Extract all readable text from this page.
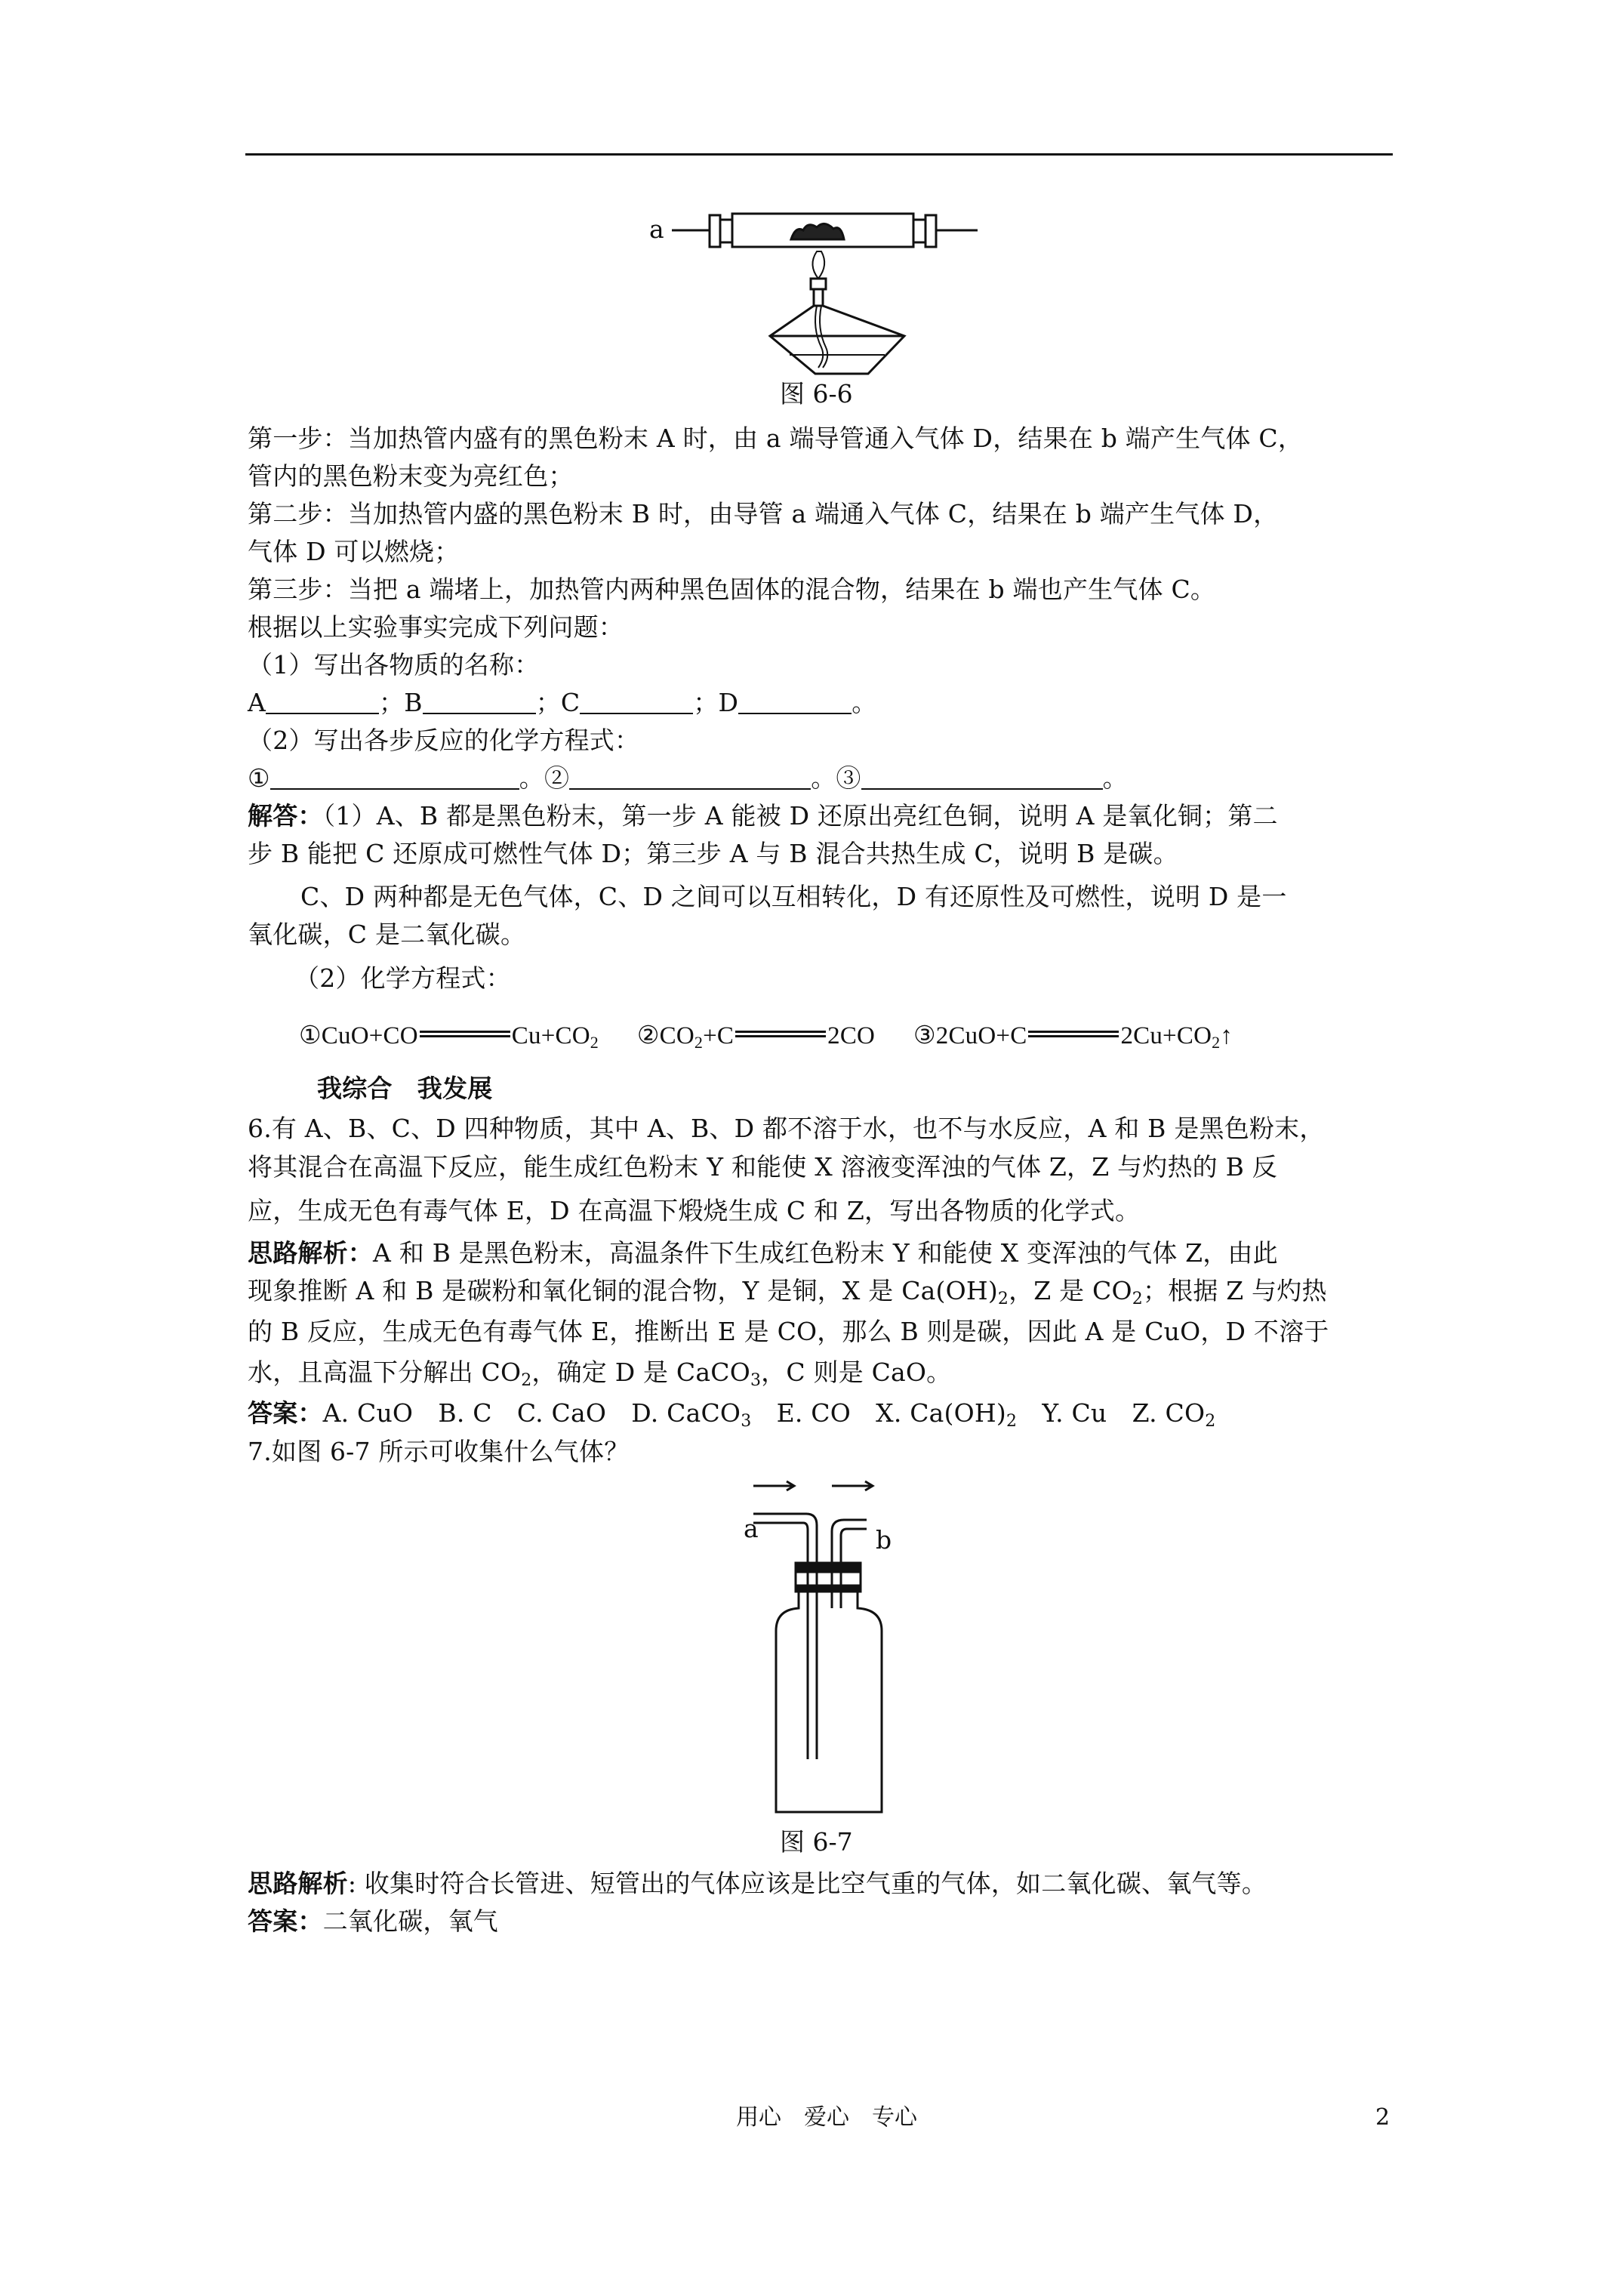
a
图 6-6
第一步：当加热管内盛有的黑色粉末 A 时，由 a 端导管通入气体 D，结果在 b 端产生气体 C，
管内的黑色粉末变为亮红色；
第二步：当加热管内盛的黑色粉末 B 时，由导管 a 端通入气体 C，结果在 b 端产生气体 D，
气体 D 可以燃烧；
第三步：当把 a 端堵上，加热管内两种黑色固体的混合物，结果在 b 端也产生气体 C。
根据以上实验事实完成下列问题：
（1）写出各物质的名称：
A	；B	；C	；D	。
（2）写出各步反应的化学方程式：
①	。②	。③	。
解答：（1）A、B 都是黑色粉末，第一步 A 能被 D 还原出亮红色铜，说明 A 是氧化铜；第二
步 B 能把 C 还原成可燃性气体 D；第三步 A 与 B 混合共热生成 C，说明 B 是碳。
C、D 两种都是无色气体，C、D 之间可以互相转化，D 有还原性及可燃性，说明 D 是一
氧化碳，C 是二氧化碳。
（2）化学方程式：
①CuO+CO	$Cu+CO_2$ $②CO_2+C$	2CO ③2CuO+C	$2Cu+CO_2↑$
我综合　我发展
6.有 A、B、C、D 四种物质，其中 A、B、D 都不溶于水，也不与水反应，A 和 B 是黑色粉末，
将其混合在高温下反应，能生成红色粉末 Y 和能使 X 溶液变浑浊的气体 Z，Z 与灼热的 B 反
应，生成无色有毒气体 E，D 在高温下煅烧生成 C 和 Z，写出各物质的化学式。
思路解析：A 和 B 是黑色粉末，高温条件下生成红色粉末 Y 和能使 X 变浑浊的气体 Z，由此
现象推断 A 和 B 是碳粉和氧化铜的混合物，Y 是铜，X 是 $Ca(OH)_2$，Z 是 $CO_2$；根据 Z 与灼热
的 B 反应，生成无色有毒气体 E，推断出 E 是 CO，那么 B 则是碳，因此 A 是 CuO，D 不溶于
水，且高温下分解出 $CO_2$，确定 D 是 CaCO$_3$，C 则是 CaO。
答案：A. CuO　B. C　C. CaO　D. CaCO$_3$　E. CO　X. $Ca(OH)_2$　Y. Cu　Z. $CO_2$
7.如图 6-7 所示可收集什么气体？
a	b
图 6-7
思路解析: 收集时符合长管进、短管出的气体应该是比空气重的气体，如二氧化碳、氧气等。
答案：二氧化碳，氧气
用心　爱心　专心	2
